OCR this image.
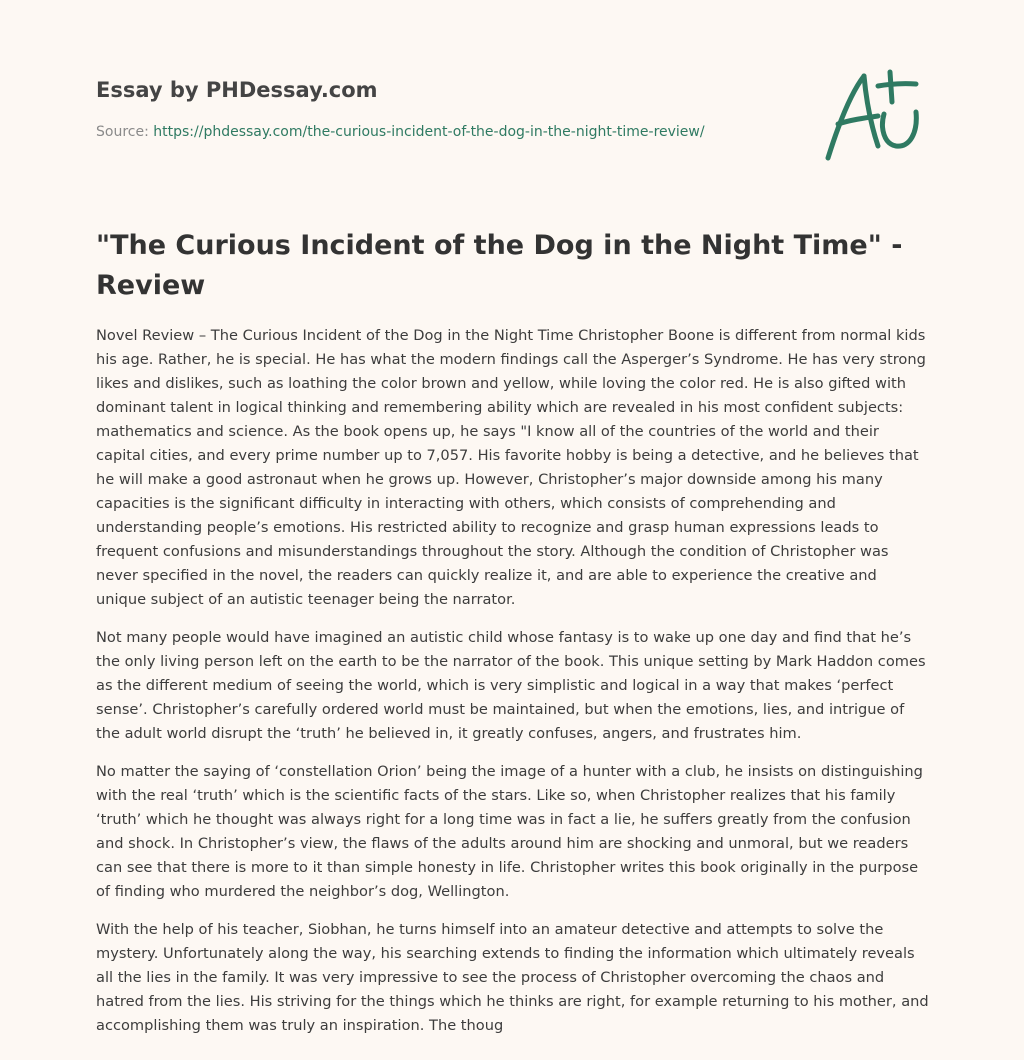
Essay by PHDessay.com
Source: https://phdessay.com/the-curious-incident-of-the-dog-in-the-night-time-review/
"The Curious Incident of the Dog in the Night Time" - Review

Novel Review – The Curious Incident of the Dog in the Night Time Christopher Boone is different from normal kids his age. Rather, he is special. He has what the modern findings call the Asperger’s Syndrome. He has very strong likes and dislikes, such as loathing the color brown and yellow, while loving the color red. He is also gifted with dominant talent in logical thinking and remembering ability which are revealed in his most confident subjects: mathematics and science. As the book opens up, he says "I know all of the countries of the world and their capital cities, and every prime number up to 7,057. His favorite hobby is being a detective, and he believes that he will make a good astronaut when he grows up. However, Christopher’s major downside among his many capacities is the significant difficulty in interacting with others, which consists of comprehending and understanding people’s emotions. His restricted ability to recognize and grasp human expressions leads to frequent confusions and misunderstandings throughout the story. Although the condition of Christopher was never specified in the novel, the readers can quickly realize it, and are able to experience the creative and unique subject of an autistic teenager being the narrator.

Not many people would have imagined an autistic child whose fantasy is to wake up one day and find that he’s the only living person left on the earth to be the narrator of the book. This unique setting by Mark Haddon comes as the different medium of seeing the world, which is very simplistic and logical in a way that makes ‘perfect sense’. Christopher’s carefully ordered world must be maintained, but when the emotions, lies, and intrigue of the adult world disrupt the ‘truth’ he believed in, it greatly confuses, angers, and frustrates him.

No matter the saying of ‘constellation Orion’ being the image of a hunter with a club, he insists on distinguishing with the real ‘truth’ which is the scientific facts of the stars. Like so, when Christopher realizes that his family ‘truth’ which he thought was always right for a long time was in fact a lie, he suffers greatly from the confusion and shock. In Christopher’s view, the flaws of the adults around him are shocking and unmoral, but we readers can see that there is more to it than simple honesty in life. Christopher writes this book originally in the purpose of finding who murdered the neighbor’s dog, Wellington.

With the help of his teacher, Siobhan, he turns himself into an amateur detective and attempts to solve the mystery. Unfortunately along the way, his searching extends to finding the information which ultimately reveals all the lies in the family. It was very impressive to see the process of Christopher overcoming the chaos and hatred from the lies. His striving for the things which he thinks are right, for example returning to his mother, and accomplishing them was truly an inspiration. The thoug
